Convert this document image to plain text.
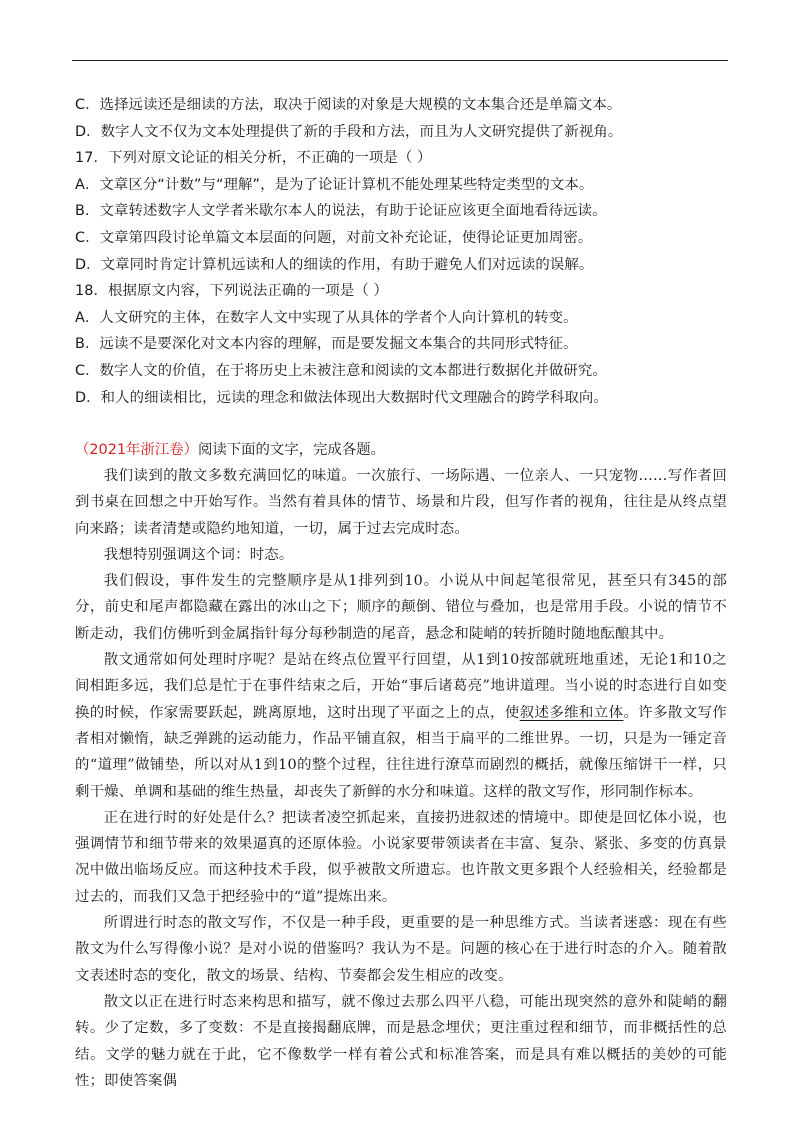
C．选择远读还是细读的方法，取决于阅读的对象是大规模的文本集合还是单篇文本。
D．数字人文不仅为文本处理提供了新的手段和方法，而且为人文研究提供了新视角。
17．下列对原文论证的相关分析，不正确的一项是（ ）
A．文章区分“计数”与“理解”，是为了论证计算机不能处理某些特定类型的文本。
B．文章转述数字人文学者米歇尔本人的说法，有助于论证应该更全面地看待远读。
C．文章第四段讨论单篇文本层面的问题，对前文补充论证，使得论证更加周密。
D．文章同时肯定计算机远读和人的细读的作用，有助于避免人们对远读的误解。
18．根据原文内容，下列说法正确的一项是（ ）
A．人文研究的主体，在数字人文中实现了从具体的学者个人向计算机的转变。
B．远读不是要深化对文本内容的理解，而是要发掘文本集合的共同形式特征。
C．数字人文的价值，在于将历史上未被注意和阅读的文本都进行数据化并做研究。
D．和人的细读相比，远读的理念和做法体现出大数据时代文理融合的跨学科取向。
（2021年浙江卷）阅读下面的文字，完成各题。

我们读到的散文多数充满回忆的味道。一次旅行、一场际遇、一位亲人、一只宠物……写作者回到书桌在回想之中开始写作。当然有着具体的情节、场景和片段，但写作者的视角，往往是从终点望向来路；读者清楚或隐约地知道，一切，属于过去完成时态。

我想特别强调这个词：时态。

我们假设，事件发生的完整顺序是从1排列到10。小说从中间起笔很常见，甚至只有345的部分，前史和尾声都隐藏在露出的冰山之下；顺序的颠倒、错位与叠加，也是常用手段。小说的情节不断走动，我们仿佛听到金属指针每分每秒制造的尾音，悬念和陡峭的转折随时随地酝酿其中。

散文通常如何处理时序呢？是站在终点位置平行回望，从1到10按部就班地重述，无论1和10之间相距多远，我们总是忙于在事件结束之后，开始“事后诸葛亮”地讲道理。当小说的时态进行自如变换的时候，作家需要跃起，跳离原地，这时出现了平面之上的点，使叙述多维和立体。许多散文写作者相对懒惰，缺乏弹跳的运动能力，作品平铺直叙，相当于扁平的二维世界。一切，只是为一锤定音的“道理”做铺垫，所以对从1到10的整个过程，往往进行潦草而剧烈的概括，就像压缩饼干一样，只剩干燥、单调和基础的维生热量，却丧失了新鲜的水分和味道。这样的散文写作，形同制作标本。

正在进行时的好处是什么？把读者凌空抓起来，直接扔进叙述的情境中。即使是回忆体小说，也强调情节和细节带来的效果逼真的还原体验。小说家要带领读者在丰富、复杂、紧张、多变的仿真景况中做出临场反应。而这种技术手段，似乎被散文所遗忘。也许散文更多跟个人经验相关，经验都是过去的，而我们又急于把经验中的“道”提炼出来。

所谓进行时态的散文写作，不仅是一种手段，更重要的是一种思维方式。当读者迷惑：现在有些散文为什么写得像小说？是对小说的借鉴吗？我认为不是。问题的核心在于进行时态的介入。随着散文表述时态的变化，散文的场景、结构、节奏都会发生相应的改变。

散文以正在进行时态来构思和描写，就不像过去那么四平八稳，可能出现突然的意外和陡峭的翻转。少了定数，多了变数：不是直接揭翻底牌，而是悬念埋伏；更注重过程和细节，而非概括性的总结。文学的魅力就在于此，它不像数学一样有着公式和标准答案，而是具有难以概括的美妙的可能性；即使答案偶
